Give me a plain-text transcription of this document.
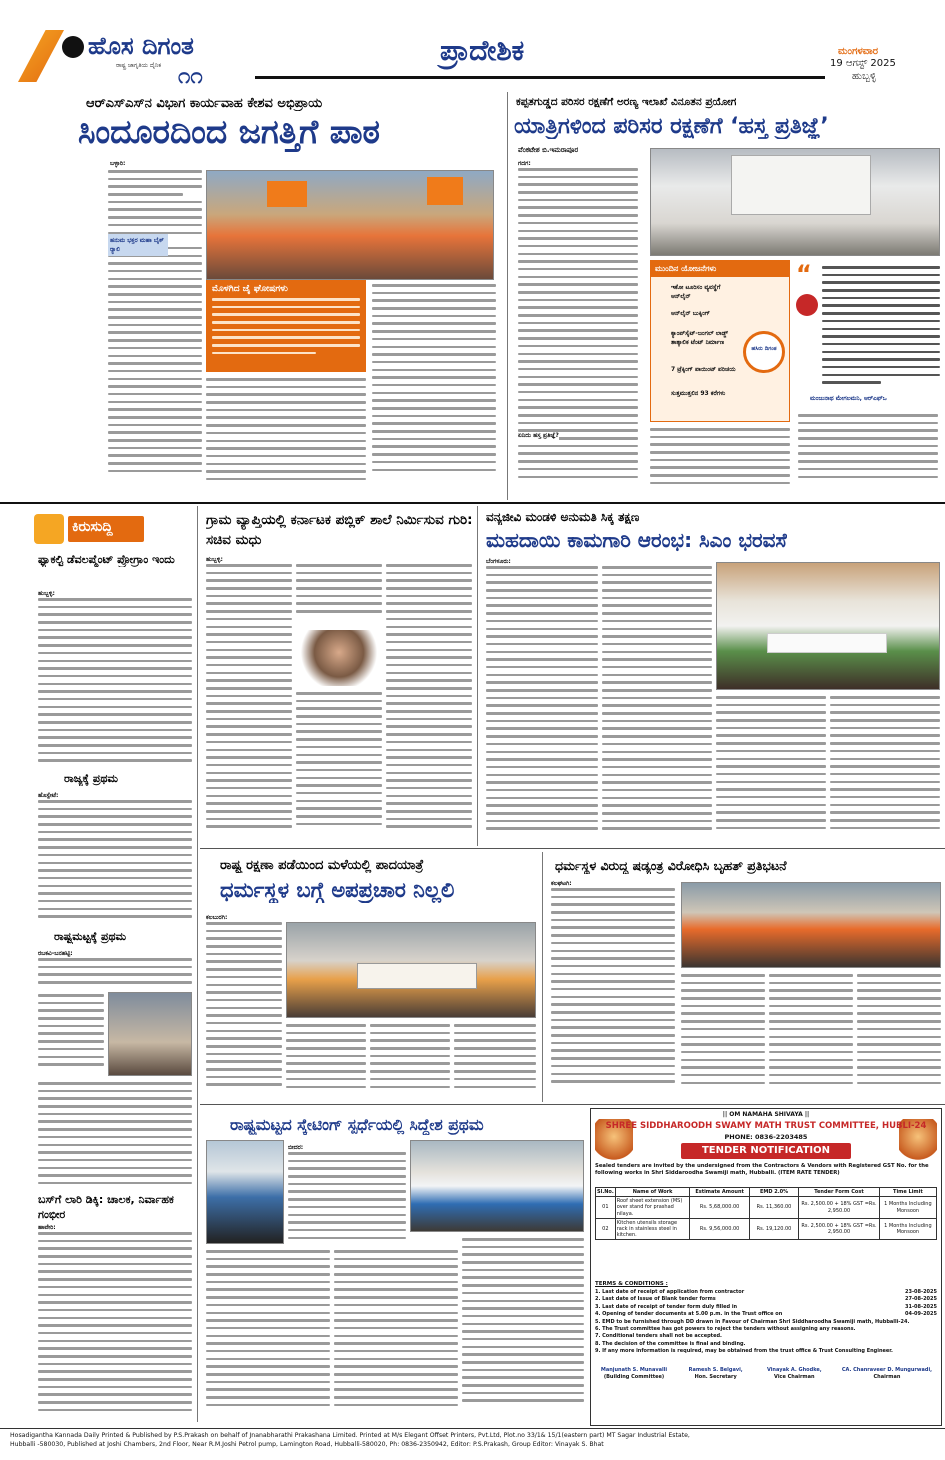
ಹೊಸ ದಿಗಂತ
ರಾಷ್ಟ್ರ ಜಾಗೃತಿಯ ದೈನಿಕ ೧೧
ಪ್ರಾದೇಶಿಕ	ಮಂಗಳವಾರ
19 ಆಗಸ್ಟ್ 2025
ಹುಬ್ಬಳ್ಳಿ
ಆರ್‌ಎಸ್‌ಎಸ್‌ನ ವಿಭಾಗ ಕಾರ್ಯವಾಹ ಕೇಶವ ಅಭಿಪ್ರಾಯ
ಸಿಂದೂರದಿಂದ ಜಗತ್ತಿಗೆ ಪಾಠ
ಬಳ್ಳಾರಿ:
ಹನುಮ ಭಕ್ತರ ಮಹಾ ಬೈಕ್ ರ‍್ಯಾಲಿ
ಮೊಳಗಿದ ಜೈ ಘೋಷಗಳು
ಕಪ್ಪತಗುಡ್ಡದ ಪರಿಸರ ರಕ್ಷಣೆಗೆ ಅರಣ್ಯ ಇಲಾಖೆ ವಿನೂತನ ಪ್ರಯೋಗ
ಯಾತ್ರಿಗಳಿಂದ ಪರಿಸರ ರಕ್ಷಣೆಗೆ ‘ಹಸ್ತ ಪ್ರತಿಜ್ಞೆ’
ವೆಂಕಟೇಶ ಬಿ.ಇಮರಾಪೂರ
ಗದಗ:
ಮುಂದಿನ ಯೋಜನೆಗಳು
ಇಕೋ ಟೂರಿಸಂ ವ್ಯವಸ್ಥೆಗೆ ಆನ್‌ಲೈನ್
ಆನ್‌ಲೈನ್ ಬುಕ್ಕಿಂಗ್
ಕ್ಯಾಂಪ್‌ಸೈಟ್-ಜಂಗಲ್ ಲಾಡ್ಜ್‌ ತಾತ್ಕಾಲಿಕ ಟೆಂಟ್ ನಿರ್ಮಾಣ
7 ಟ್ರೆಕ್ಕಿಂಗ್ ಪಾಯಿಂಟ್ ಪರಿಚಯ
ಸುತ್ತಮುತ್ತಲಿನ 93 ಕರೆಗಳು
ಹಸಿರು ದಿಗಂತ
ಏನಿದು ಹಸ್ತ ಪ್ರತಿಜ್ಞೆ?
“
ಮಂಜುನಾಥ ಮೇಗಲಮನಿ, ಆರ್‌ಎಫ್‌ಒ
ಕಿರುಸುದ್ದಿ
ಫ್ಯಾಕಲ್ಟಿ ಡೆವಲಪ್ಮೆಂಟ್ ಪ್ರೋಗ್ರಾಂ ಇಂದು
ಹುಬ್ಬಳ್ಳಿ:
ರಾಜ್ಯಕ್ಕೆ ಪ್ರಥಮ
ಹೊಸ್ಪೇಟೆ:
ರಾಷ್ಟ್ರಮಟ್ಟಕ್ಕೆ ಪ್ರಥಮ
ರಬಕವಿ-ಬನಹಟ್ಟಿ:
ಬಸ್‌ಗೆ ಲಾರಿ ಡಿಕ್ಕಿ: ಚಾಲಕ, ನಿರ್ವಾಹಕ ಗಂಭೀರ
ಹಾವೇರಿ:
ಗ್ರಾಮ ವ್ಯಾಪ್ತಿಯಲ್ಲಿ ಕರ್ನಾಟಕ ಪಬ್ಲಿಕ್ ಶಾಲೆ ನಿರ್ಮಿಸುವ ಗುರಿ: ಸಚಿವ ಮಧು
ಹುಬ್ಬಳ್ಳಿ:
ವನ್ಯಜೀವಿ ಮಂಡಳಿ ಅನುಮತಿ ಸಿಕ್ಕ ತಕ್ಷಣ
ಮಹದಾಯಿ ಕಾಮಗಾರಿ ಆರಂಭ: ಸಿಎಂ ಭರವಸೆ
ಬೆಂಗಳೂರು:
ರಾಷ್ಟ್ರ ರಕ್ಷಣಾ ಪಡೆಯಿಂದ ಮಳೆಯಲ್ಲಿ ಪಾದಯಾತ್ರೆ
ಧರ್ಮಸ್ಥಳ ಬಗ್ಗೆ ಅಪಪ್ರಚಾರ ನಿಲ್ಲಲಿ
ಕಲಬುರಗಿ:
ಧರ್ಮಸ್ಥಳ ವಿರುದ್ಧ ಷಡ್ಯಂತ್ರ ವಿರೋಧಿಸಿ ಬೃಹತ್ ಪ್ರತಿಭಟನೆ
ಕಲಘಟಗಿ:
ರಾಷ್ಟ್ರಮಟ್ಟದ ಸ್ಕೇಟಿಂಗ್ ಸ್ಪರ್ಧೆಯಲ್ಲಿ ಸಿದ್ದೇಶ ಪ್ರಥಮ
ಬೀದರ:
|| OM NAMAHA SHIVAYA ||
SHREE SIDDHAROODH SWAMY MATH TRUST COMMITTEE, HUBLI-24
PHONE: 0836-2203485
TENDER NOTIFICATION
Sealed tenders are invited by the undersigned from the Contractors & Vendors with Registered GST No. for the following works in Shri Siddaroodha Swamiji math, Hubballi. (ITEM RATE TENDER)
Sl.No.	Name of Work	Estimate Amount	EMD 2.0%	Tender Form Cost	Time Limit
01	Roof sheet extension (MS) over stand for prashad nilaya.	Rs. 5,68,000.00	Rs. 11,360.00	Rs. 2,500.00 + 18% GST =Rs. 2,950.00	1 Months Including Monsoon
02	Kitchen utensils storage rack in stainless steel in kitchen.	Rs. 9,56,000.00	Rs. 19,120.00	Rs. 2,500.00 + 18% GST =Rs. 2,950.00	1 Months Including Monsoon
TERMS & CONDITIONS :
1. Last date of receipt of application from contractor	23-08-2025
2. Last date of Issue of Blank tender forms	27-08-2025
3. Last date of receipt of tender form duly filled in	31-08-2025
4. Opening of tender documents at 5.00 p.m. in the Trust office on	04-09-2025
5. EMD to be furnished through DD drawn in Favour of Chairman Shri Siddharoodha Swamiji math, Hubballi-24.
6. The Trust committee has got powers to reject the tenders without assigning any reasons.
7. Conditional tenders shall not be accepted.
8. The decision of the committee is final and binding.
9. If any more information is required, may be obtained from the trust office & Trust Consulting Engineer.
Manjunath S. Munavalli
(Building Committee)
Ramesh S. Belgavi,
Hon. Secretary
Vinayak A. Ghodke,
Vice Chairman
CA. Chanraveer D. Mungurwadi,
Chairman
Hosadigantha Kannada Daily Printed & Published by P.S.Prakash on behalf of Jnanabharathi Prakashana Limited. Printed at M/s Elegant Offset Printers, Pvt.Ltd, Plot.no 33/1& 15/1(eastern part) MT Sagar Industrial Estate,
Hubballi -580030, Published at Joshi Chambers, 2nd Floor, Near R.M.Joshi Petrol pump, Lamington Road, Hubballi-580020, Ph: 0836-2350942, Editor: P.S.Prakash, Group Editor: Vinayak S. Bhat
